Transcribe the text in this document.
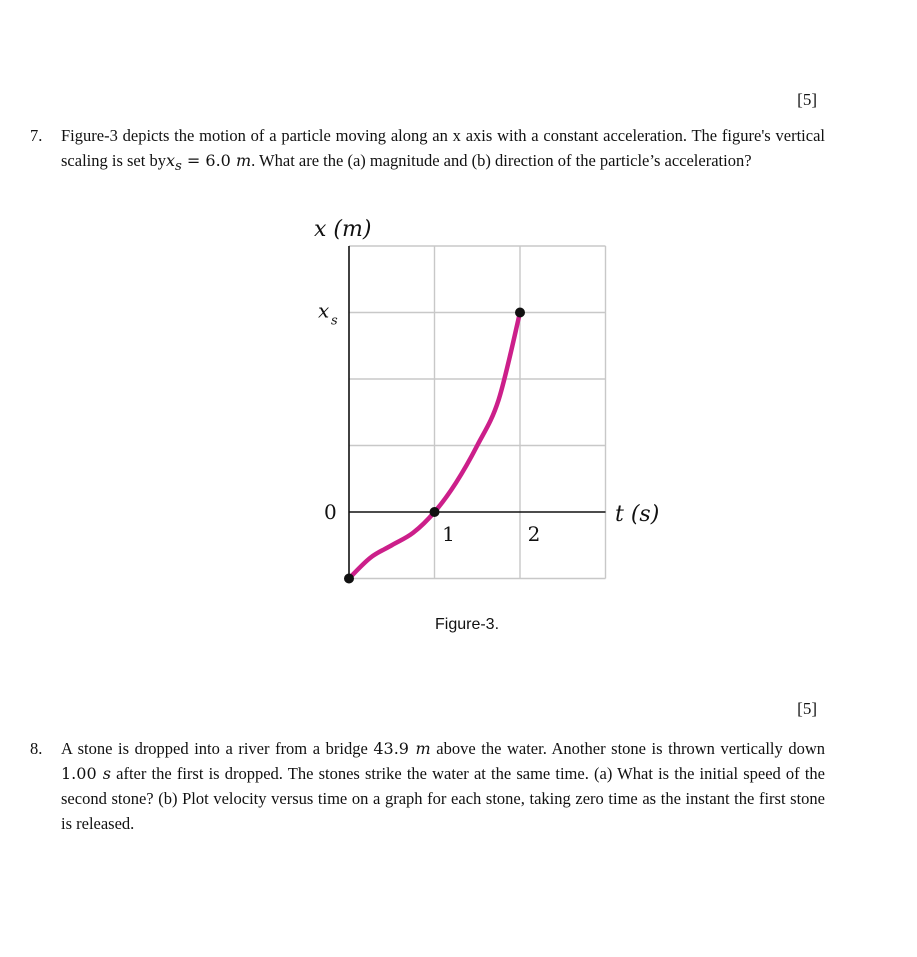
[5]
7. Figure-3 depicts the motion of a particle moving along an x axis with a constant acceleration. The figure's vertical scaling is set byx$_s$ = 6.0 m. What are the (a) magnitude and (b) direction of the particle’s acceleration?
x (m)
t (s)
1	2
0
x s
Figure-3.
[5]
8. A stone is dropped into a river from a bridge 43.9 m above the water. Another stone is thrown vertically down 1.00 s after the first is dropped. The stones strike the water at the same time. (a) What is the initial speed of the second stone? (b) Plot velocity versus time on a graph for each stone, taking zero time as the instant the first stone is released.
